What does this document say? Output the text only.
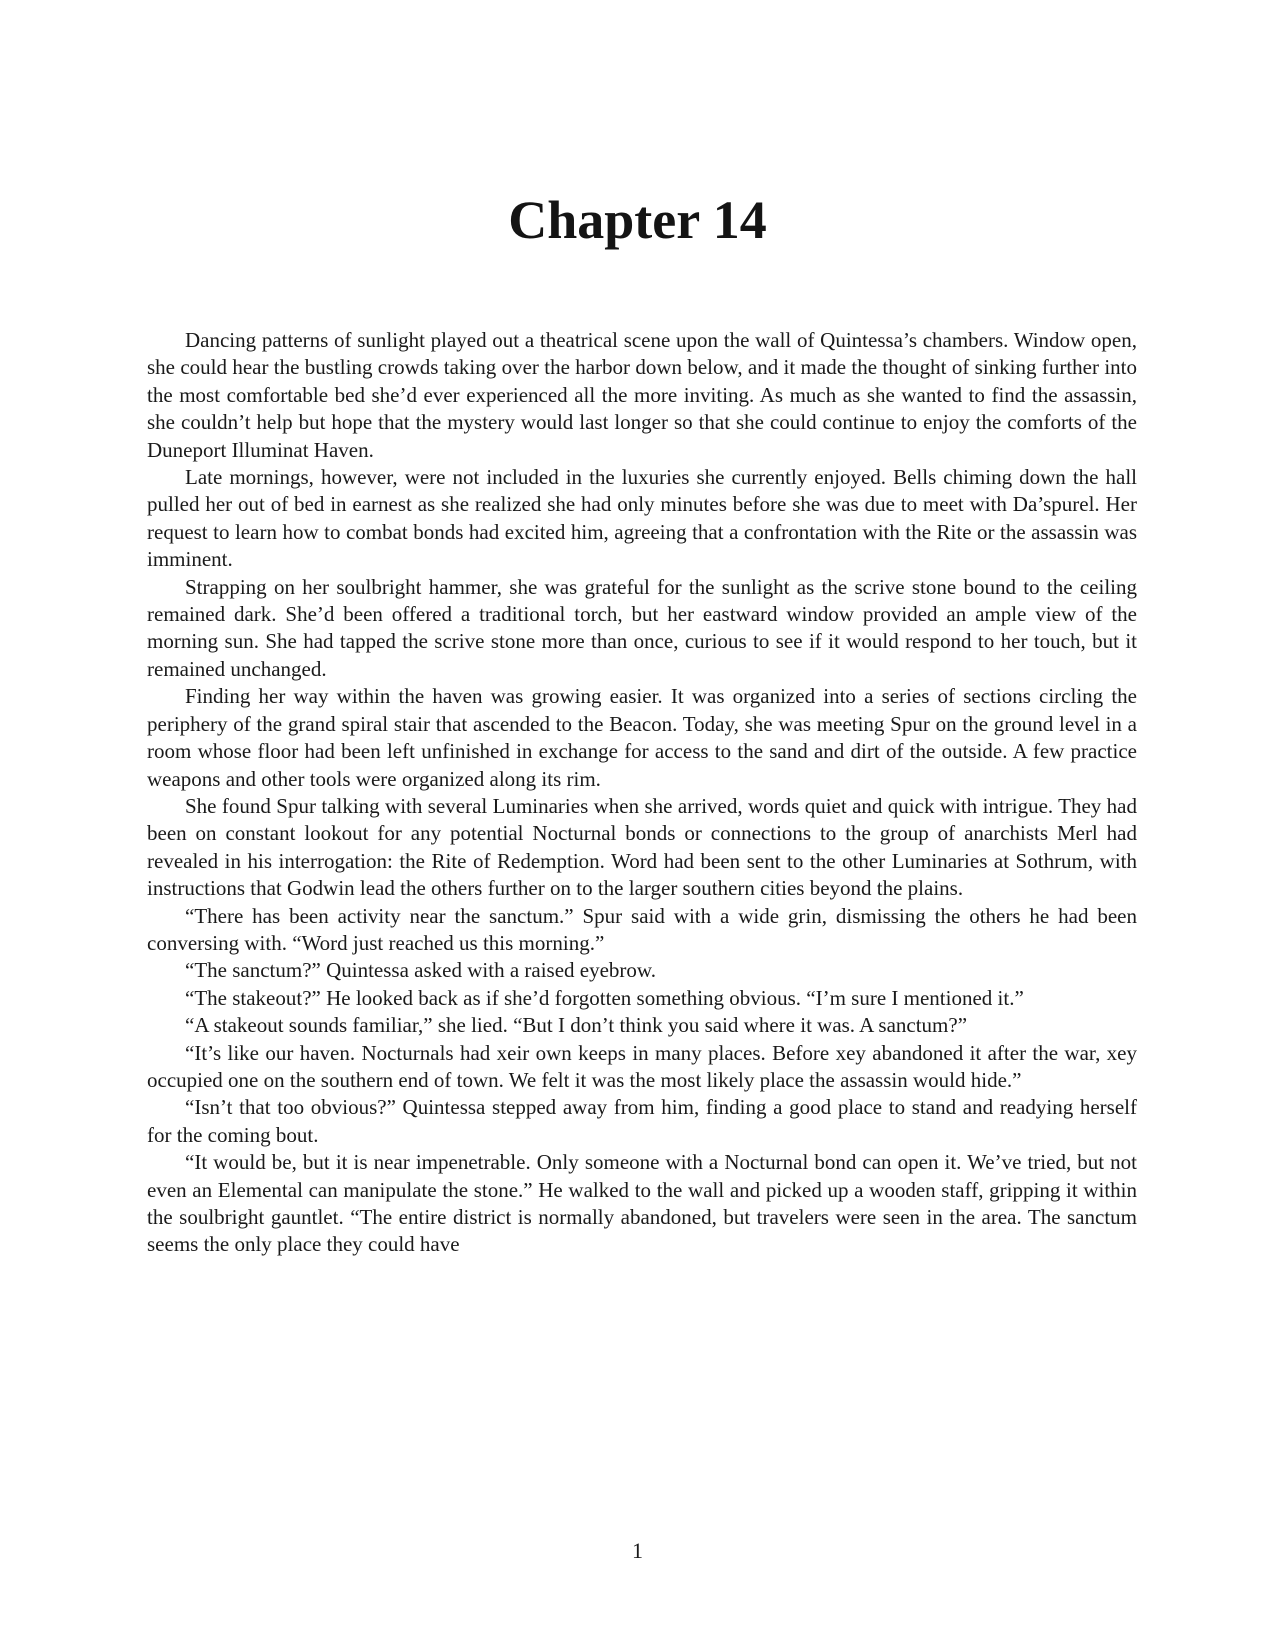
Chapter 14

Dancing patterns of sunlight played out a theatrical scene upon the wall of Quintessa’s chambers. Window open, she could hear the bustling crowds taking over the harbor down below, and it made the thought of sinking further into the most comfortable bed she’d ever experienced all the more inviting. As much as she wanted to find the assassin, she couldn’t help but hope that the mystery would last longer so that she could continue to enjoy the comforts of the Duneport Illuminat Haven.

Late mornings, however, were not included in the luxuries she currently enjoyed. Bells chiming down the hall pulled her out of bed in earnest as she realized she had only minutes before she was due to meet with Da’spurel. Her request to learn how to combat bonds had excited him, agreeing that a confrontation with the Rite or the assassin was imminent.

Strapping on her soulbright hammer, she was grateful for the sunlight as the scrive stone bound to the ceiling remained dark. She’d been offered a traditional torch, but her eastward window provided an ample view of the morning sun. She had tapped the scrive stone more than once, curious to see if it would respond to her touch, but it remained unchanged.

Finding her way within the haven was growing easier. It was organized into a series of sections circling the periphery of the grand spiral stair that ascended to the Beacon. Today, she was meeting Spur on the ground level in a room whose floor had been left unfinished in exchange for access to the sand and dirt of the outside. A few practice weapons and other tools were organized along its rim.

She found Spur talking with several Luminaries when she arrived, words quiet and quick with intrigue. They had been on constant lookout for any potential Nocturnal bonds or connections to the group of anarchists Merl had revealed in his interrogation: the Rite of Redemption. Word had been sent to the other Luminaries at Sothrum, with instructions that Godwin lead the others further on to the larger southern cities beyond the plains.

“There has been activity near the sanctum.” Spur said with a wide grin, dismissing the others he had been conversing with. “Word just reached us this morning.”

“The sanctum?” Quintessa asked with a raised eyebrow.

“The stakeout?” He looked back as if she’d forgotten something obvious. “I’m sure I mentioned it.”

“A stakeout sounds familiar,” she lied. “But I don’t think you said where it was. A sanctum?”

“It’s like our haven. Nocturnals had xeir own keeps in many places. Before xey abandoned it after the war, xey occupied one on the southern end of town. We felt it was the most likely place the assassin would hide.”

“Isn’t that too obvious?” Quintessa stepped away from him, finding a good place to stand and readying herself for the coming bout.

“It would be, but it is near impenetrable. Only someone with a Nocturnal bond can open it. We’ve tried, but not even an Elemental can manipulate the stone.” He walked to the wall and picked up a wooden staff, gripping it within the soulbright gauntlet. “The entire district is normally abandoned, but travelers were seen in the area. The sanctum seems the only place they could have

1
